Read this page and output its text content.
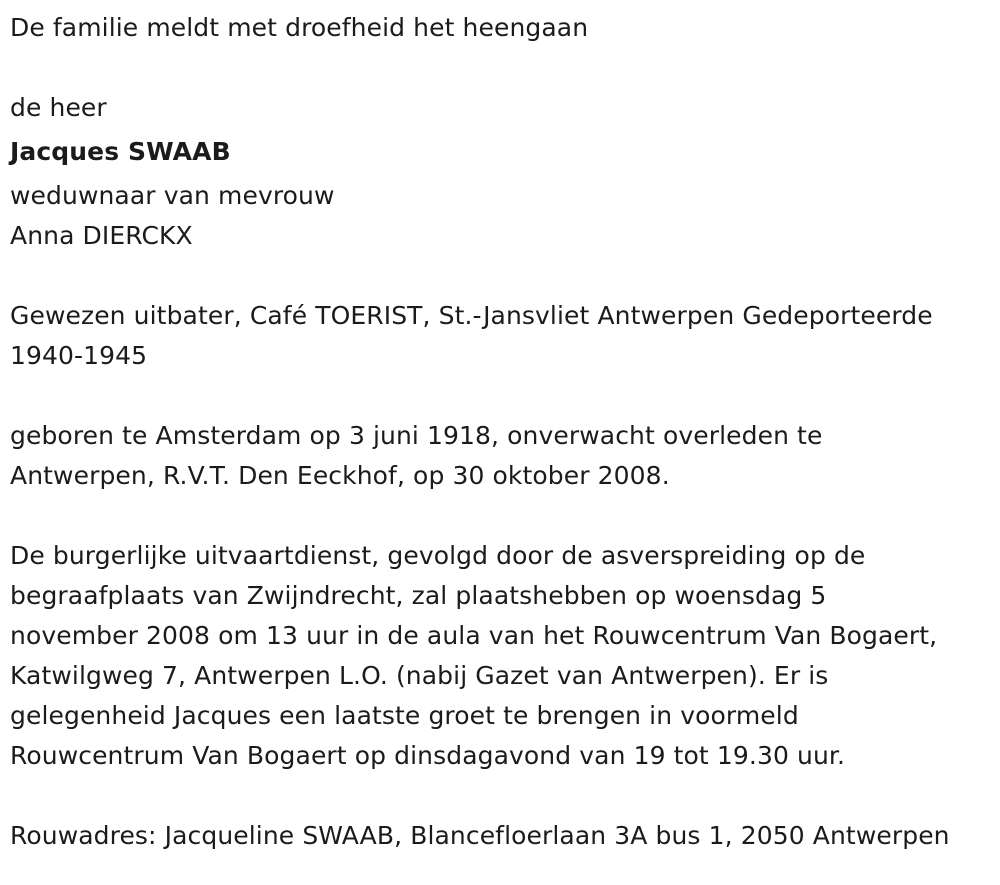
De familie meldt met droefheid het heengaan

de heer

Jacques SWAAB

weduwnaar van mevrouw

Anna DIERCKX

Gewezen uitbater, Café TOERIST, St.-Jansvliet Antwerpen Gedeporteerde

1940-1945

geboren te Amsterdam op 3 juni 1918, onverwacht overleden te

Antwerpen, R.V.T. Den Eeckhof, op 30 oktober 2008.

De burgerlijke uitvaartdienst, gevolgd door de asverspreiding op de

begraafplaats van Zwijndrecht, zal plaatshebben op woensdag 5

november 2008 om 13 uur in de aula van het Rouwcentrum Van Bogaert,

Katwilgweg 7, Antwerpen L.O. (nabij Gazet van Antwerpen). Er is

gelegenheid Jacques een laatste groet te brengen in voormeld

Rouwcentrum Van Bogaert op dinsdagavond van 19 tot 19.30 uur.

Rouwadres: Jacqueline SWAAB, Blancefloerlaan 3A bus 1, 2050 Antwerpen
